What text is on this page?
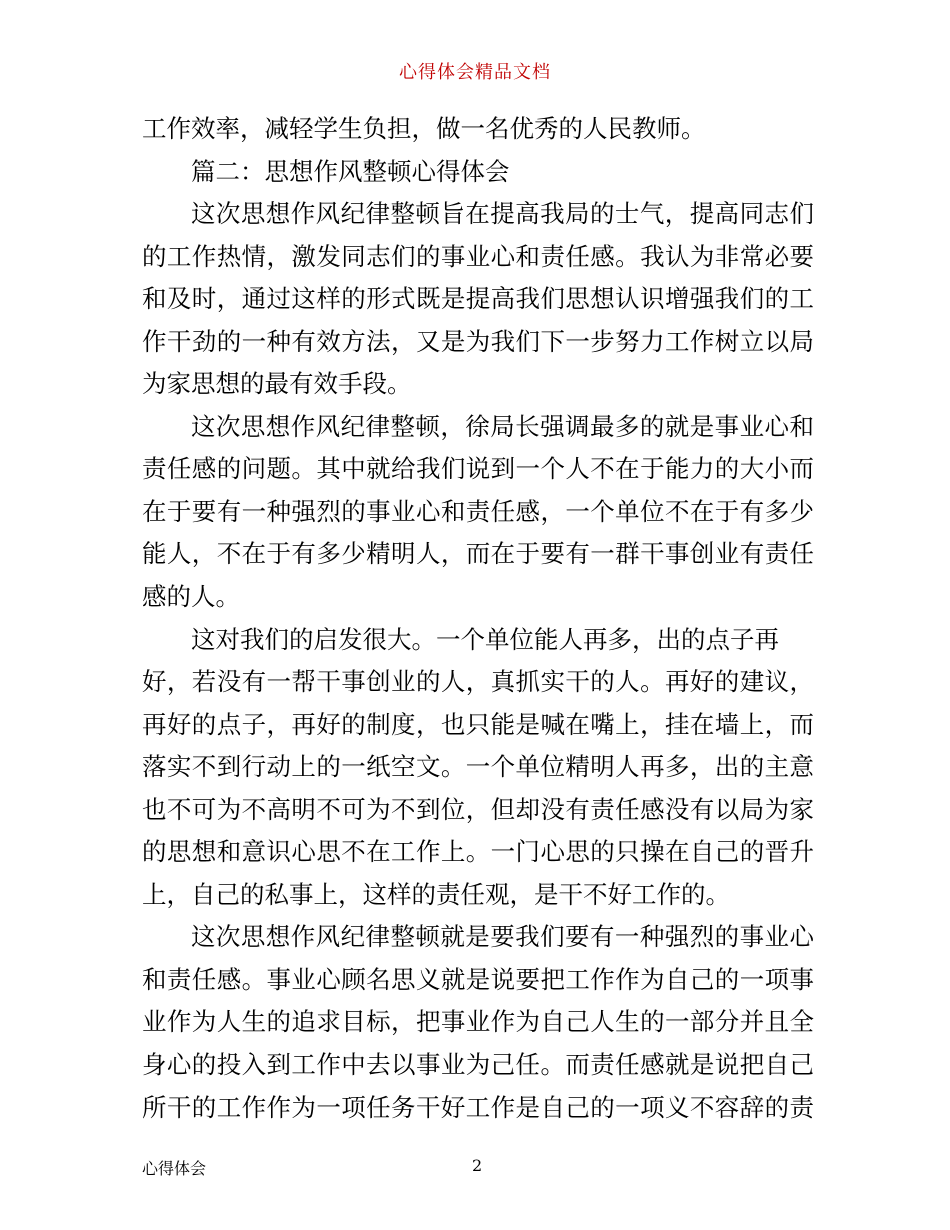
心得体会精品文档
工作效率，减轻学生负担，做一名优秀的人民教师。
篇二：思想作风整顿心得体会
这次思想作风纪律整顿旨在提高我局的士气，提高同志们
的工作热情，激发同志们的事业心和责任感。我认为非常必要
和及时，通过这样的形式既是提高我们思想认识增强我们的工
作干劲的一种有效方法，又是为我们下一步努力工作树立以局
为家思想的最有效手段。
这次思想作风纪律整顿，徐局长强调最多的就是事业心和
责任感的问题。其中就给我们说到一个人不在于能力的大小而
在于要有一种强烈的事业心和责任感，一个单位不在于有多少
能人，不在于有多少精明人，而在于要有一群干事创业有责任
感的人。
这对我们的启发很大。一个单位能人再多，出的点子再
好，若没有一帮干事创业的人，真抓实干的人。再好的建议，
再好的点子，再好的制度，也只能是喊在嘴上，挂在墙上，而
落实不到行动上的一纸空文。一个单位精明人再多，出的主意
也不可为不高明不可为不到位，但却没有责任感没有以局为家
的思想和意识心思不在工作上。一门心思的只操在自己的晋升
上，自己的私事上，这样的责任观，是干不好工作的。
这次思想作风纪律整顿就是要我们要有一种强烈的事业心
和责任感。事业心顾名思义就是说要把工作作为自己的一项事
业作为人生的追求目标，把事业作为自己人生的一部分并且全
身心的投入到工作中去以事业为己任。而责任感就是说把自己
所干的工作作为一项任务干好工作是自己的一项义不容辞的责
心得体会	2
